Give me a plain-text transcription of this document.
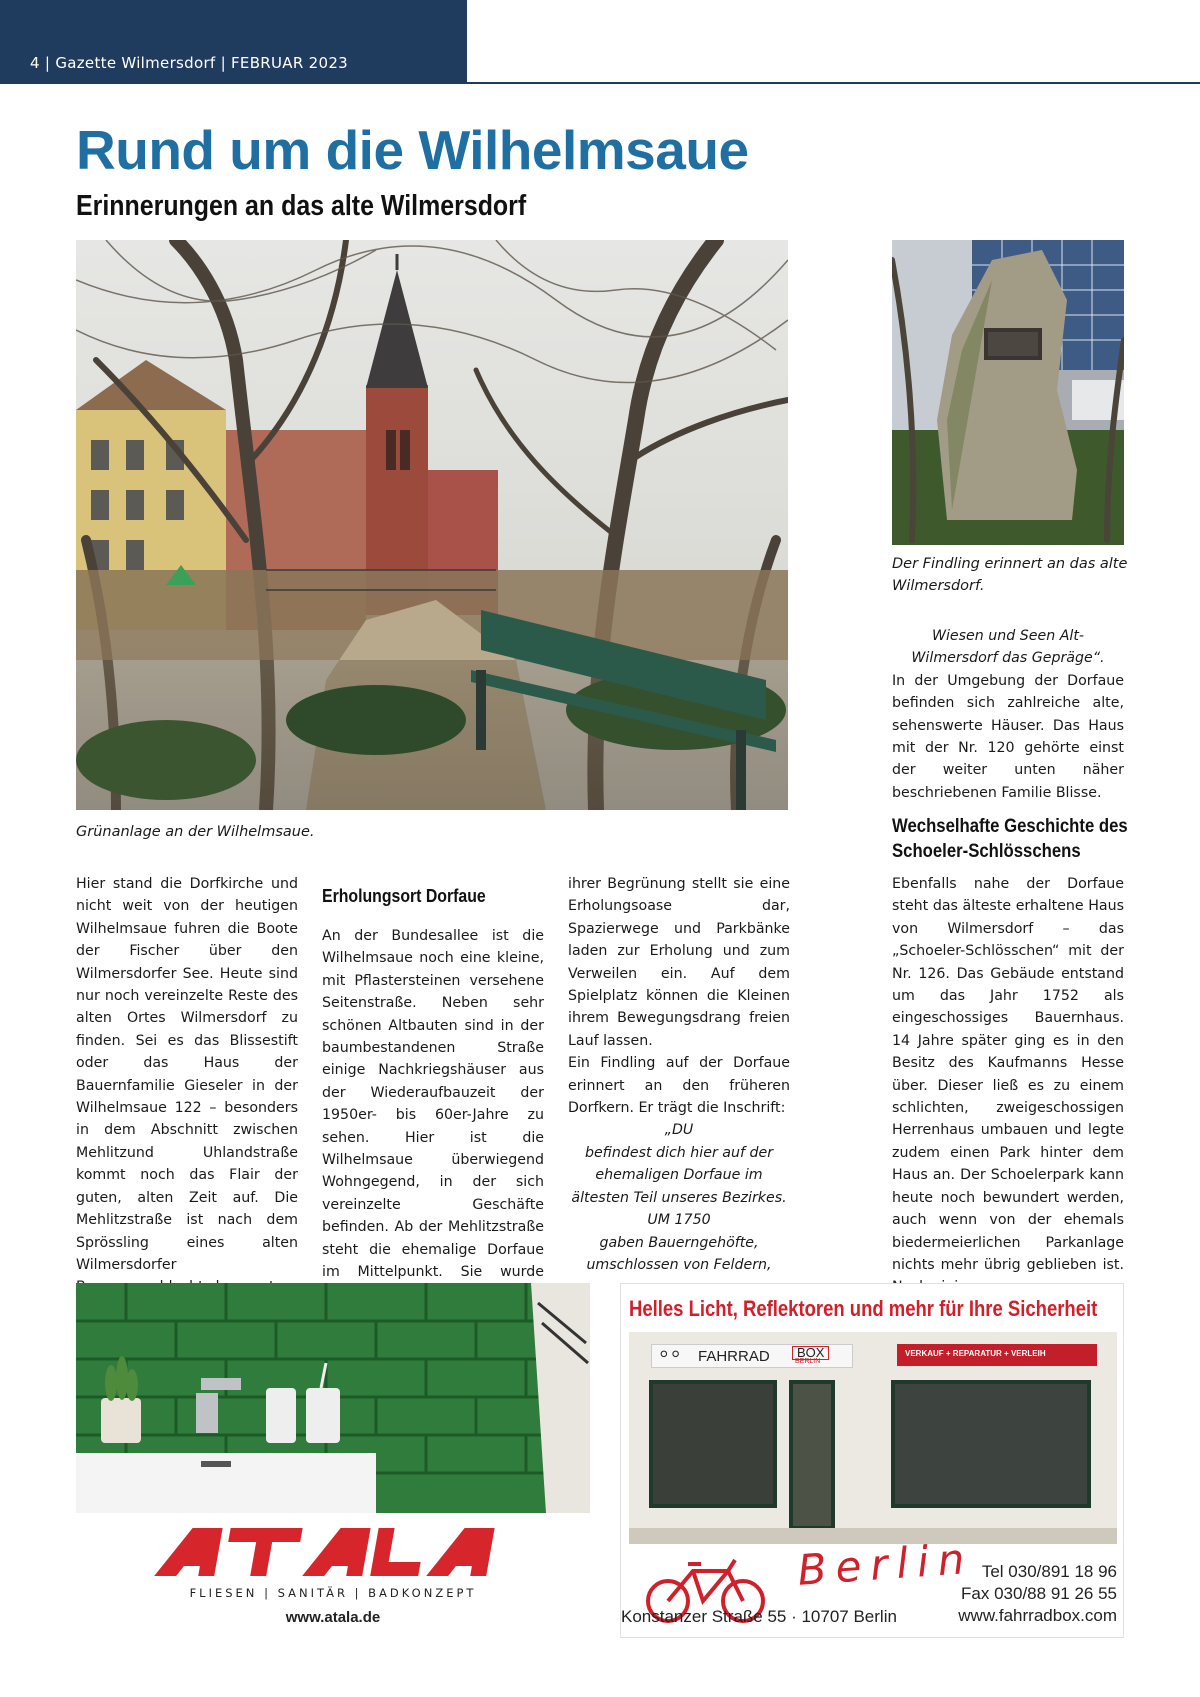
4 | Gazette Wilmersdorf | FEBRUAR 2023
Rund um die Wilhelmsaue
Erinnerungen an das alte Wilmersdorf
Grünanlage an der Wilhelmsaue.
Der Findling erinnert an das alte
Wilmersdorf.

Wiesen und Seen Alt-

Wilmersdorf das Gepräge“.

In der Umgebung der Dorfaue befinden sich zahlreiche alte, sehenswerte Häuser. Das Haus mit der Nr. 120 gehörte einst der weiter unten näher beschriebenen Familie Blisse.

Wechselhafte Geschichte des
Schoeler-Schlösschens

Hier stand die Dorfkirche und nicht weit von der heutigen Wilhelmsaue fuhren die Boote der Fischer über den Wilmersdorfer See. Heute sind nur noch vereinzelte Reste des alten Ortes Wilmersdorf zu finden. Sei es das Blissestift oder das Haus der Bauernfamilie Gieseler in der Wilhelmsaue 122 – besonders in dem Abschnitt zwischen Mehlitzund Uhlandstraße kommt noch das Flair der guten, alten Zeit auf. Die Mehlitzstraße ist nach dem Sprössling eines alten Wilmersdorfer

Erholungsort Dorfaue

An der Bundesallee ist die Wilhelmsaue noch eine kleine, mit Pflastersteinen versehene Seitenstraße. Neben sehr schönen Altbauten sind in der baumbestandenen Straße einige Nachkriegshäuser aus der Wiederaufbauzeit der 1950er- bis 60er-Jahre zu sehen. Hier ist die Wilhelmsaue überwiegend Wohngegend, in der sich vereinzelte Geschäfte befinden. Ab der Mehlitzstraße steht die ehemalige Dorfaue im Mittelpunkt. Sie wurde

ihrer Begrünung stellt sie eine Erholungsoase dar, Spazierwege und Parkbänke laden zur Erholung und zum Verweilen ein. Auf dem Spielplatz können die Kleinen ihrem Bewegungsdrang freien Lauf lassen.

Ein Findling auf der Dorfaue erinnert an den früheren Dorfkern. Er trägt die Inschrift:

„DU

befindest dich hier auf der

ehemaligen Dorfaue im

ältesten Teil unseres Bezirkes.

UM 1750

gaben Bauerngehöfte,

umschlossen von Feldern,

Ebenfalls nahe der Dorfaue steht das älteste erhaltene Haus von Wilmersdorf – das „Schoeler-Schlösschen“ mit der Nr. 126. Das Gebäude entstand um das Jahr 1752 als eingeschossiges Bauernhaus. 14 Jahre später ging es in den Besitz des Kaufmanns Hesse über. Dieser ließ es zu einem schlichten, zweigeschossigen Herrenhaus umbauen und legte zudem einen Park hinter dem Haus an. Der Schoelerpark kann heute noch bewundert werden, auch wenn von der ehemals biedermeierlichen Parkanlage nichts mehr übrig geblieben ist.

FLIESEN | SANITÄR | BADKONZEPT
www.atala.de
Helles Licht, Reflektoren und mehr für Ihre Sicherheit
⚪⚪ FAHRRAD	BOX
BERLIN
VERKAUF + REPARATUR + VERLEIH
Berlin
Konstanzer Straße 55 · 10707 Berlin
Tel 030/891 18 96
Fax 030/88 91 26 55
www.fahrradbox.com
